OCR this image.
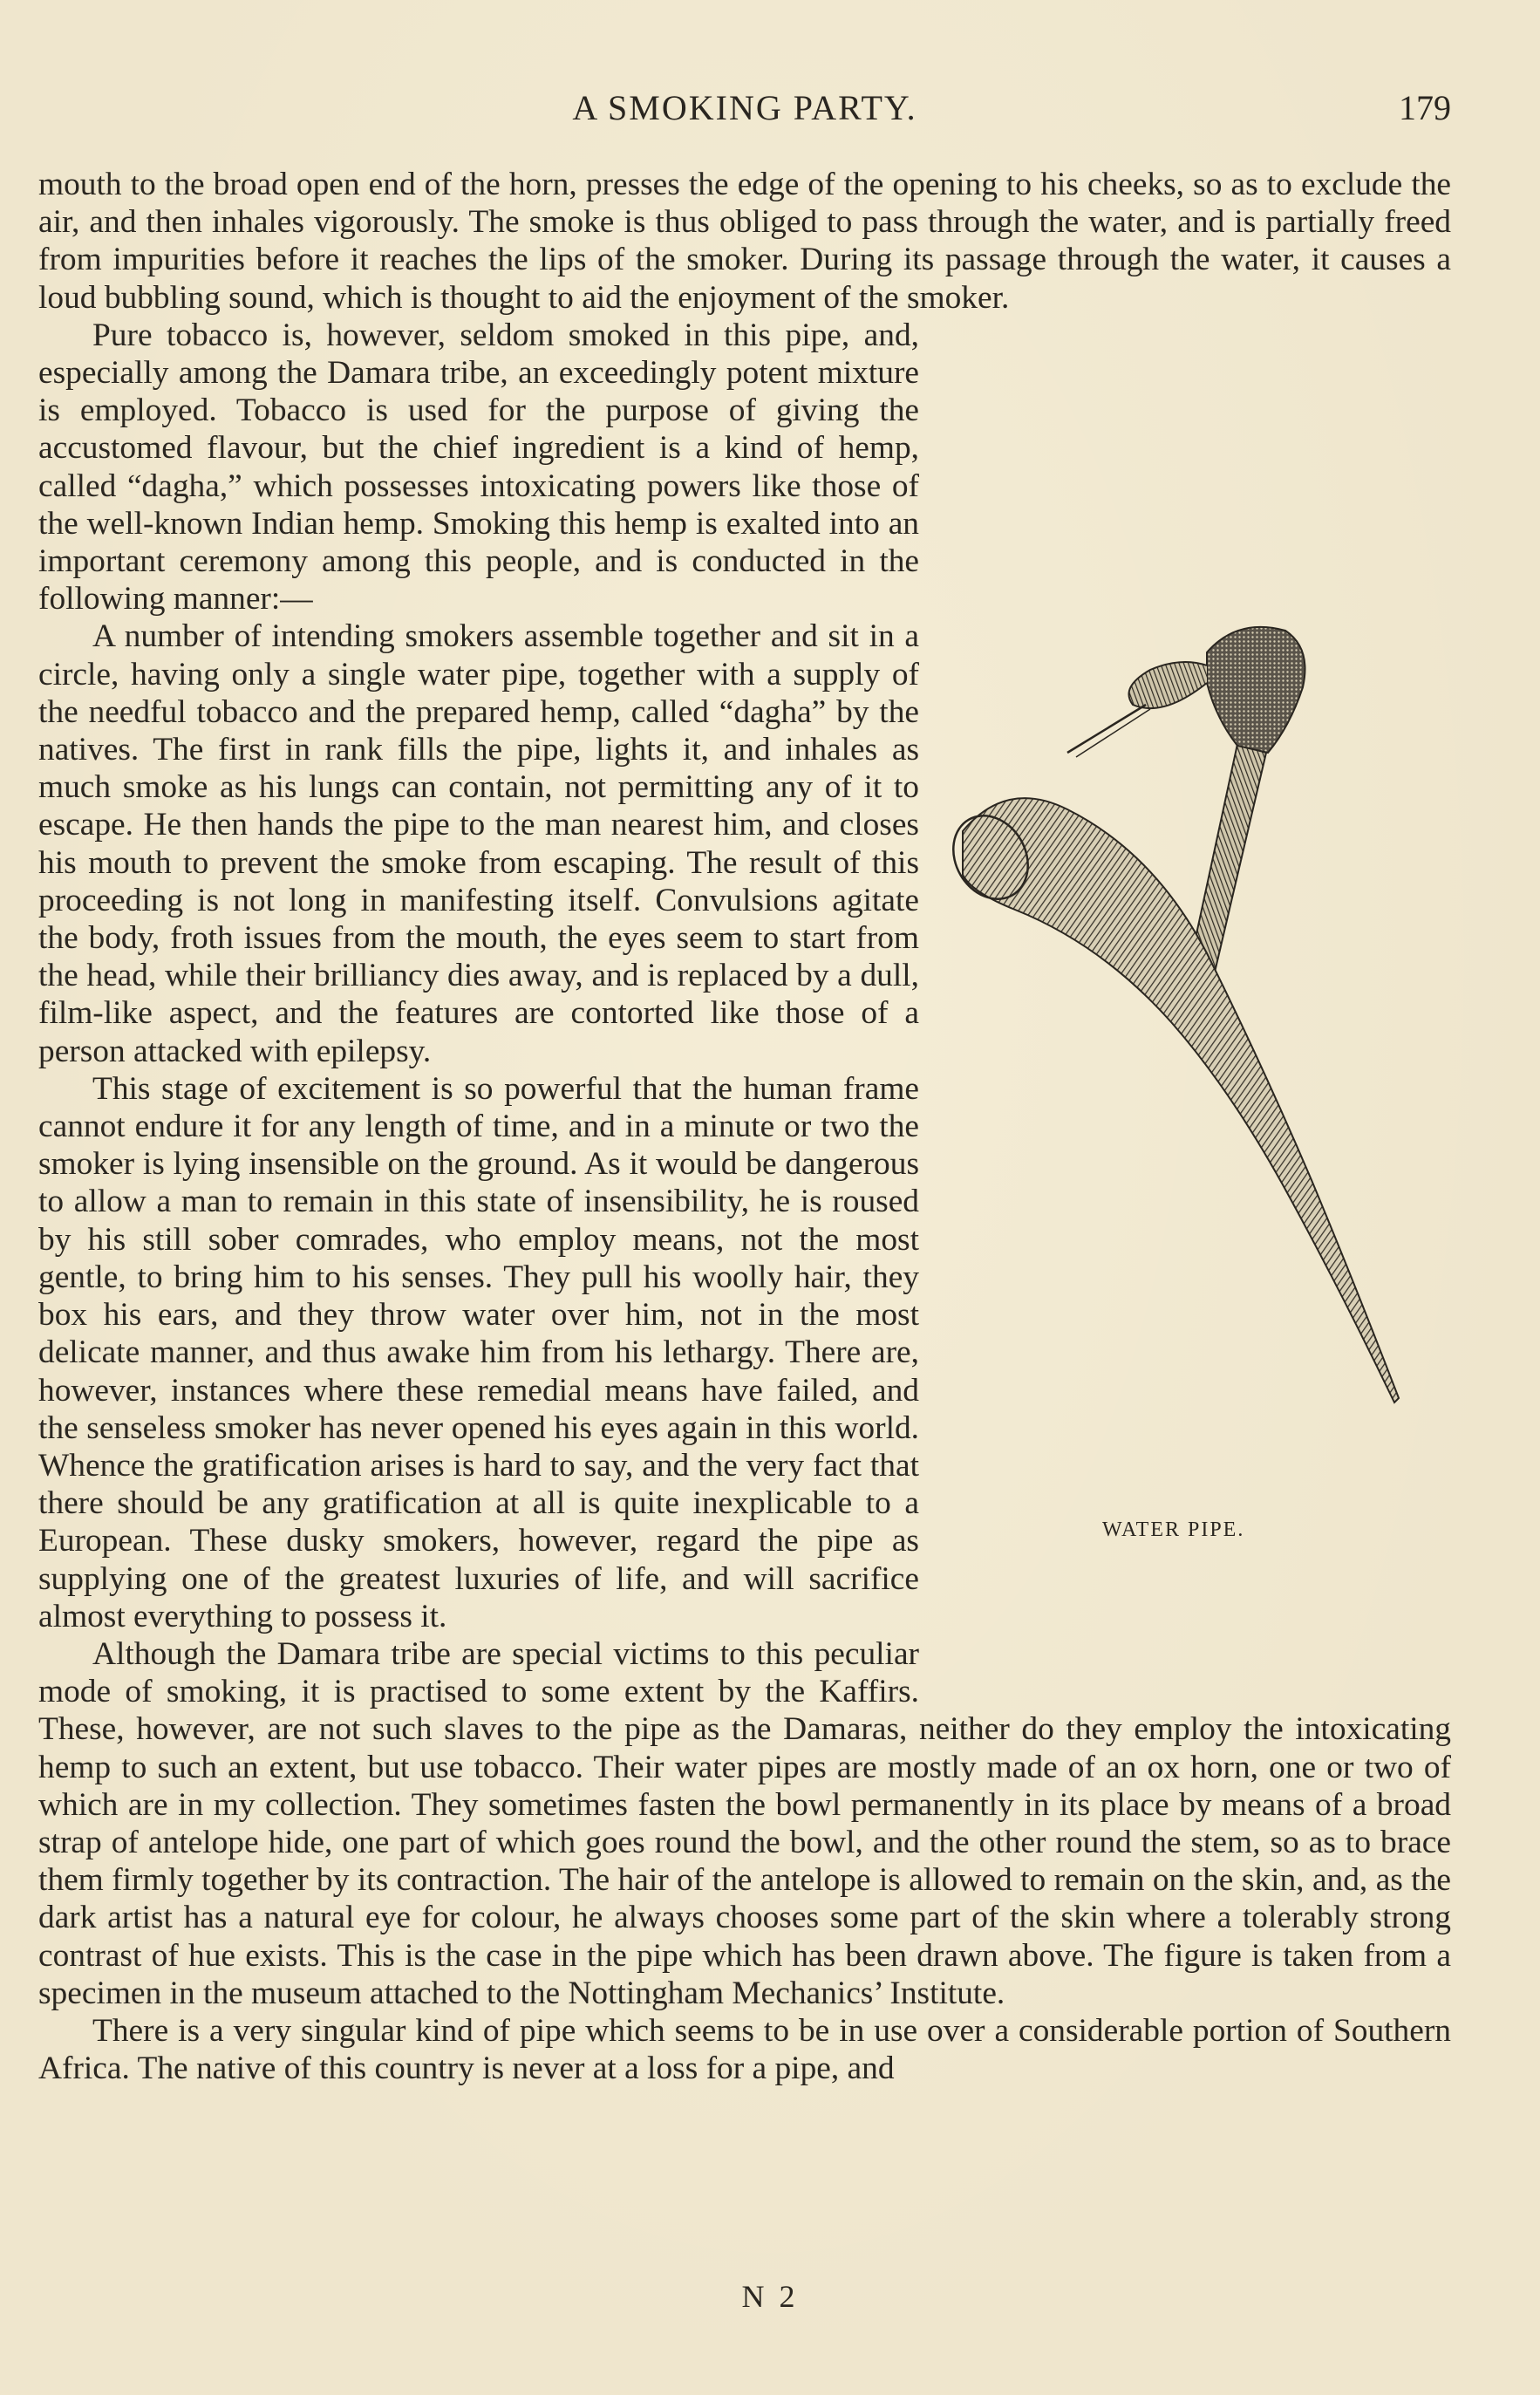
A SMOKING PARTY.	179

mouth to the broad open end of the horn, presses the edge of the opening to his cheeks, so as to exclude the air, and then inhales vigorously. The smoke is thus obliged to pass through the water, and is partially freed from impurities before it reaches the lips of the smoker. During its passage through the water, it causes a loud bubbling sound, which is thought to aid the enjoyment of the smoker.

WATER PIPE.

Pure tobacco is, however, seldom smoked in this pipe, and, especially among the Damara tribe, an exceedingly potent mixture is employed. Tobacco is used for the purpose of giving the accustomed flavour, but the chief ingredient is a kind of hemp, called “dagha,” which possesses intoxicating powers like those of the well-known Indian hemp. Smoking this hemp is exalted into an important ceremony among this people, and is conducted in the following manner:—

A number of intending smokers assemble together and sit in a circle, having only a single water pipe, together with a supply of the needful tobacco and the prepared hemp, called “dagha” by the natives. The first in rank fills the pipe, lights it, and inhales as much smoke as his lungs can contain, not permitting any of it to escape. He then hands the pipe to the man nearest him, and closes his mouth to prevent the smoke from escaping. The result of this proceeding is not long in manifesting itself. Convulsions agitate the body, froth issues from the mouth, the eyes seem to start from the head, while their brilliancy dies away, and is replaced by a dull, film-like aspect, and the features are contorted like those of a person attacked with epilepsy.

This stage of excitement is so powerful that the human frame cannot endure it for any length of time, and in a minute or two the smoker is lying insensible on the ground. As it would be dangerous to allow a man to remain in this state of insensibility, he is roused by his still sober comrades, who employ means, not the most gentle, to bring him to his senses. They pull his woolly hair, they box his ears, and they throw water over him, not in the most delicate manner, and thus awake him from his lethargy. There are, however, instances where these remedial means have failed, and the senseless smoker has never opened his eyes again in this world. Whence the gratification arises is hard to say, and the very fact that there should be any gratification at all is quite inexplicable to a European. These dusky smokers, however, regard the pipe as supplying one of the greatest luxuries of life, and will sacrifice almost everything to possess it.

Although the Damara tribe are special victims to this peculiar mode of smoking, it is practised to some extent by the Kaffirs. These, however, are not such slaves to the pipe as the Damaras, neither do they employ the intoxicating hemp to such an extent, but use tobacco. Their water pipes are mostly made of an ox horn, one or two of which are in my collection. They sometimes fasten the bowl permanently in its place by means of a broad strap of antelope hide, one part of which goes round the bowl, and the other round the stem, so as to brace them firmly together by its contraction. The hair of the antelope is allowed to remain on the skin, and, as the dark artist has a natural eye for colour, he always chooses some part of the skin where a tolerably strong contrast of hue exists. This is the case in the pipe which has been drawn above. The figure is taken from a specimen in the museum attached to the Nottingham Mechanics’ Institute.

There is a very singular kind of pipe which seems to be in use over a considerable portion of Southern Africa. The native of this country is never at a loss for a pipe, and

N 2
